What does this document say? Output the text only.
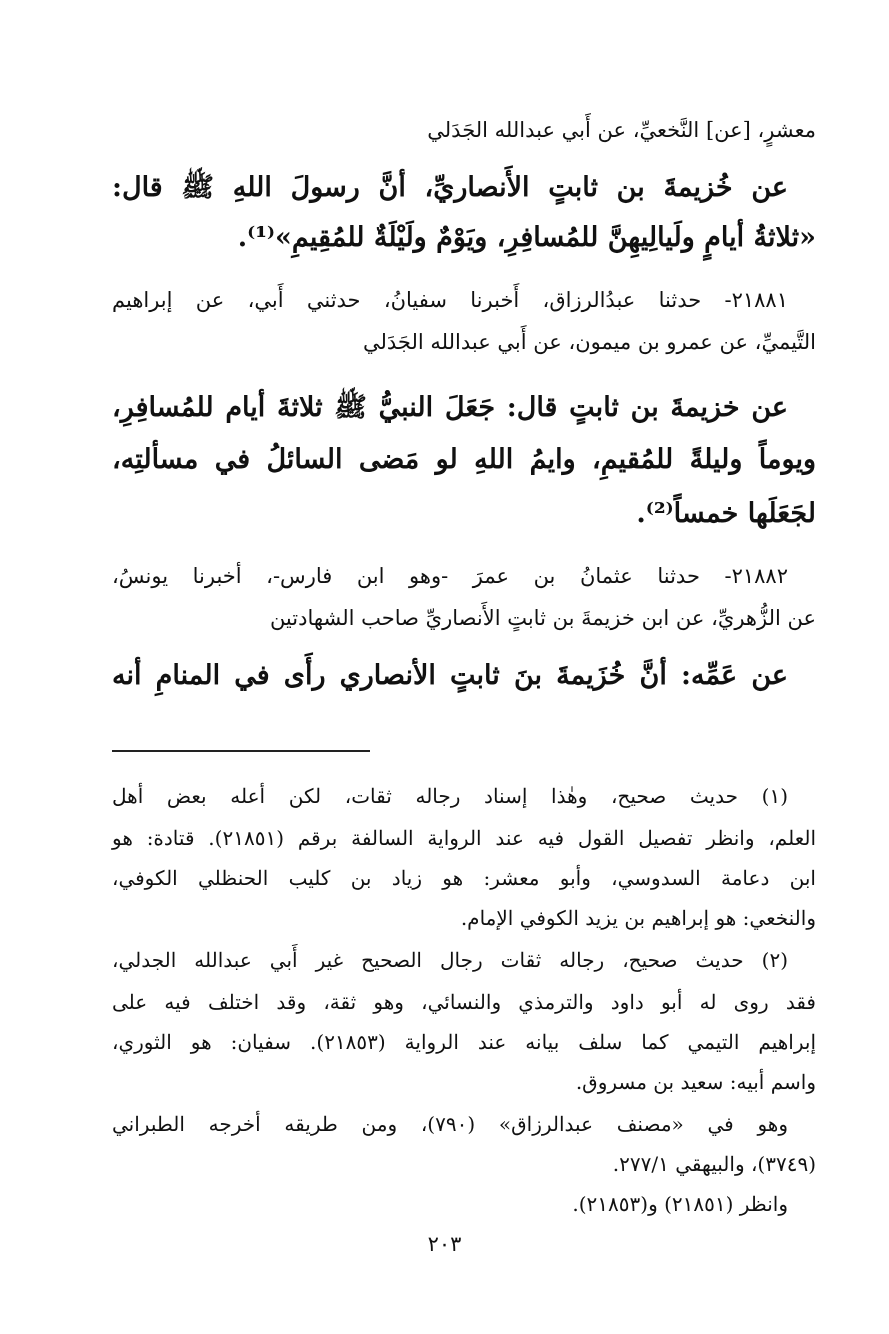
معشرٍ، [عن] النَّخعيِّ، عن أَبي عبدالله الجَدَلي
عن خُزيمةَ بن ثابتٍ الأَنصاريِّ، أنَّ رسولَ اللهِ ﷺ قال:
«ثلاثةُ أيامٍ ولَيالِيهِنَّ للمُسافِرِ، ويَوْمٌ ولَيْلَةٌ للمُقِيمِ»⁽¹⁾.
٢١٨٨١- حدثنا عبدُالرزاق، أَخبرنا سفيانُ، حدثني أَبي، عن إبراهيم
التَّيميِّ، عن عمرو بن ميمون، عن أَبي عبدالله الجَدَلي
عن خزيمةَ بن ثابتٍ قال: جَعَلَ النبيُّ ﷺ ثلاثةَ أيام للمُسافِرِ،
ويوماً وليلةً للمُقيمِ، وايمُ اللهِ لو مَضى السائلُ في مسألتِه،
لجَعَلَها خمساً⁽²⁾.
٢١٨٨٢- حدثنا عثمانُ بن عمرَ -وهو ابن فارس-، أخبرنا يونسُ،
عن الزُّهريِّ، عن ابن خزيمةَ بن ثابتٍ الأَنصاريِّ صاحب الشهادتين
عن عَمِّه: أنَّ خُزَيمةَ بنَ ثابتٍ الأنصاري رأَى في المنامِ أنه
(١) حديث صحيح، وهٰذا إسناد رجاله ثقات، لكن أعله بعض أهل
العلم، وانظر تفصيل القول فيه عند الرواية السالفة برقم (٢١٨٥١). قتادة: هو
ابن دعامة السدوسي، وأبو معشر: هو زياد بن كليب الحنظلي الكوفي،
والنخعي: هو إبراهيم بن يزيد الكوفي الإمام.
(٢) حديث صحيح، رجاله ثقات رجال الصحيح غير أَبي عبدالله الجدلي،
فقد روى له أبو داود والترمذي والنسائي، وهو ثقة، وقد اختلف فيه على
إبراهيم التيمي كما سلف بيانه عند الرواية (٢١٨٥٣). سفيان: هو الثوري،
واسم أبيه: سعيد بن مسروق.
وهو في «مصنف عبدالرزاق» (٧٩٠)، ومن طريقه أخرجه الطبراني
(٣٧٤٩)، والبيهقي ٢٧٧/١.
وانظر (٢١٨٥١) و(٢١٨٥٣).
٢٠٣
